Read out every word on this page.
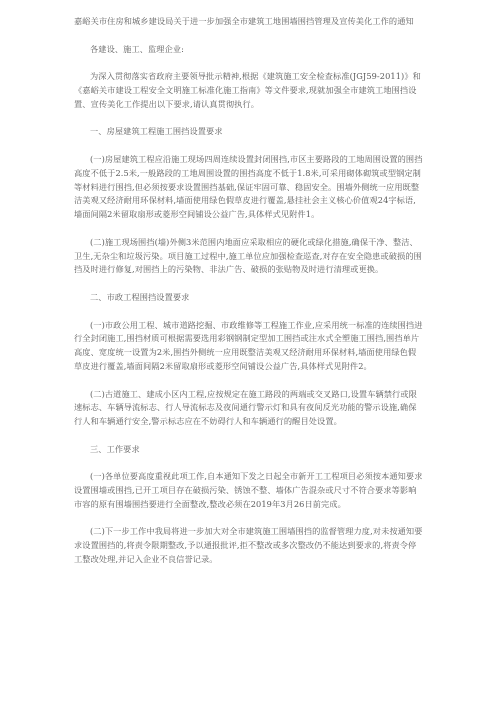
嘉峪关市住房和城乡建设局关于进一步加强全市建筑工地围墙围挡管理及宣传美化工作的通知

各建设、施工、监理企业:

为深入贯彻落实省政府主要领导批示精神,根据《建筑施工安全检查标准(JGJ59-2011)》和《嘉峪关市建设工程安全文明施工标准化施工指南》等文件要求,现就加强全市建筑工地围挡设置、宣传美化工作提出以下要求,请认真贯彻执行。

一、房屋建筑工程施工围挡设置要求

(一)房屋建筑工程应沿施工现场四周连续设置封闭围挡,市区主要路段的工地周围设置的围挡高度不低于2.5米,一般路段的工地周围设置的围挡高度不低于1.8米,可采用砌体砌筑或型钢定制等材料进行围挡,但必须按要求设置围挡基础,保证牢固可靠、稳固安全。围墙外侧统一应用既整洁美观又经济耐用环保材料,墙面使用绿色假草皮进行覆盖,悬挂社会主义核心价值观24字标语,墙面间隔2米留取扇形或菱形空间铺设公益广告,具体样式见附件1。

(二)施工现场围挡(墙)外侧3米范围内地面应采取相应的硬化或绿化措施,确保干净、整洁、卫生,无杂尘和垃圾污染。项目施工过程中,施工单位应加强检查巡查,对存在安全隐患或破损的围挡及时进行修复,对围挡上的污染物、非法广告、破损的张贴物及时进行清理或更换。

二、市政工程围挡设置要求

(一)市政公用工程、城市道路挖掘、市政维修等工程施工作业,应采用统一标准的连续围挡进行全封闭施工,围挡材质可根据需要选用彩钢钢制定型加工围挡或注水式全塑施工围挡,围挡单片高度、宽度统一设置为2米,围挡外侧统一应用既整洁美观又经济耐用环保材料,墙面使用绿色假草皮进行覆盖,墙面间隔2米留取扇形或菱形空间铺设公益广告,具体样式见附件2。

(二)古道施工、建成小区内工程,应按规定在施工路段的两端或交叉路口,设置车辆禁行或限速标志、车辆导流标志、行人导流标志及夜间通行警示灯和具有夜间反光功能的警示设施,确保行人和车辆通行安全,警示标志应在不妨碍行人和车辆通行的醒目处设置。

三、工作要求

(一)各单位要高度重视此项工作,自本通知下发之日起全市新开工工程项目必须按本通知要求设置围墙或围挡,已开工项目存在破损污染、锈蚀不整、墙体广告混杂或尺寸不符合要求等影响市容的原有围墙围挡要进行全面整改,整改必须在2019年3月26日前完成。

(二)下一步工作中我局将进一步加大对全市建筑施工围墙围挡的监督管理力度,对未按通知要求设置围挡的,将责令限期整改,予以通报批评,拒不整改或多次整改仍不能达到要求的,将责令停工整改处理,并记入企业不良信誉记录。
